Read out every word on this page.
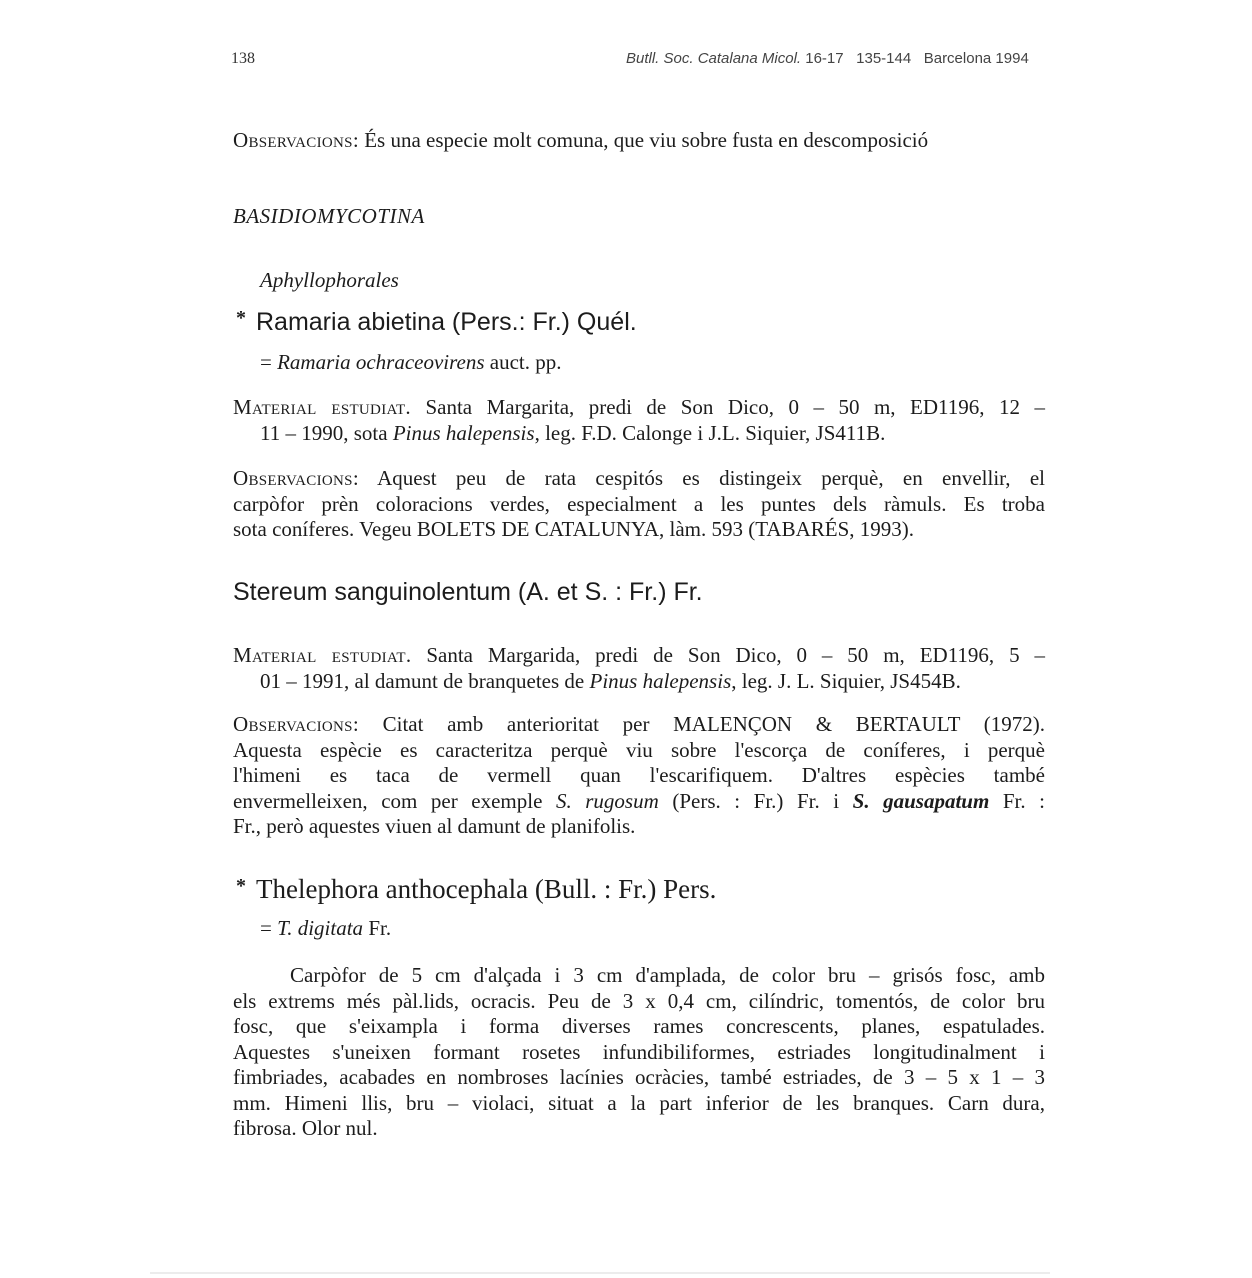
138	Butll. Soc. Catalana Micol. 16-17 135-144 Barcelona 1994
Observacions: És una especie molt comuna, que viu sobre fusta en descomposició
BASIDIOMYCOTINA
Aphyllophorales
* Ramaria abietina (Pers.: Fr.) Quél.
= Ramaria ochraceovirens auct. pp.
Material estudiat. Santa Margarita, predi de Son Dico, 0 – 50 m, ED1196, 12 –
11 – 1990, sota Pinus halepensis, leg. F.D. Calonge i J.L. Siquier, JS411B.
Observacions: Aquest peu de rata cespitós es distingeix perquè, en envellir, el
carpòfor prèn coloracions verdes, especialment a les puntes dels ràmuls. Es troba
sota coníferes. Vegeu BOLETS DE CATALUNYA, làm. 593 (TABARÉS, 1993).
Stereum sanguinolentum (A. et S. : Fr.) Fr.
Material estudiat. Santa Margarida, predi de Son Dico, 0 – 50 m, ED1196, 5 –
01 – 1991, al damunt de branquetes de Pinus halepensis, leg. J. L. Siquier, JS454B.
Observacions: Citat amb anterioritat per MALENÇON & BERTAULT (1972).
Aquesta espècie es caracteritza perquè viu sobre l'escorça de coníferes, i perquè
l'himeni es taca de vermell quan l'escarifiquem. D'altres espècies també
envermelleixen, com per exemple S. rugosum (Pers. : Fr.) Fr. i S. gausapatum Fr. :
Fr., però aquestes viuen al damunt de planifolis.
* Thelephora anthocephala (Bull. : Fr.) Pers.
= T. digitata Fr.
Carpòfor de 5 cm d'alçada i 3 cm d'amplada, de color bru – grisós fosc, amb
els extrems més pàl.lids, ocracis. Peu de 3 x 0,4 cm, cilíndric, tomentós, de color bru
fosc, que s'eixampla i forma diverses rames concrescents, planes, espatulades.
Aquestes s'uneixen formant rosetes infundibiliformes, estriades longitudinalment i
fimbriades, acabades en nombroses lacínies ocràcies, també estriades, de 3 – 5 x 1 – 3
mm. Himeni llis, bru – violaci, situat a la part inferior de les branques. Carn dura,
fibrosa. Olor nul.
